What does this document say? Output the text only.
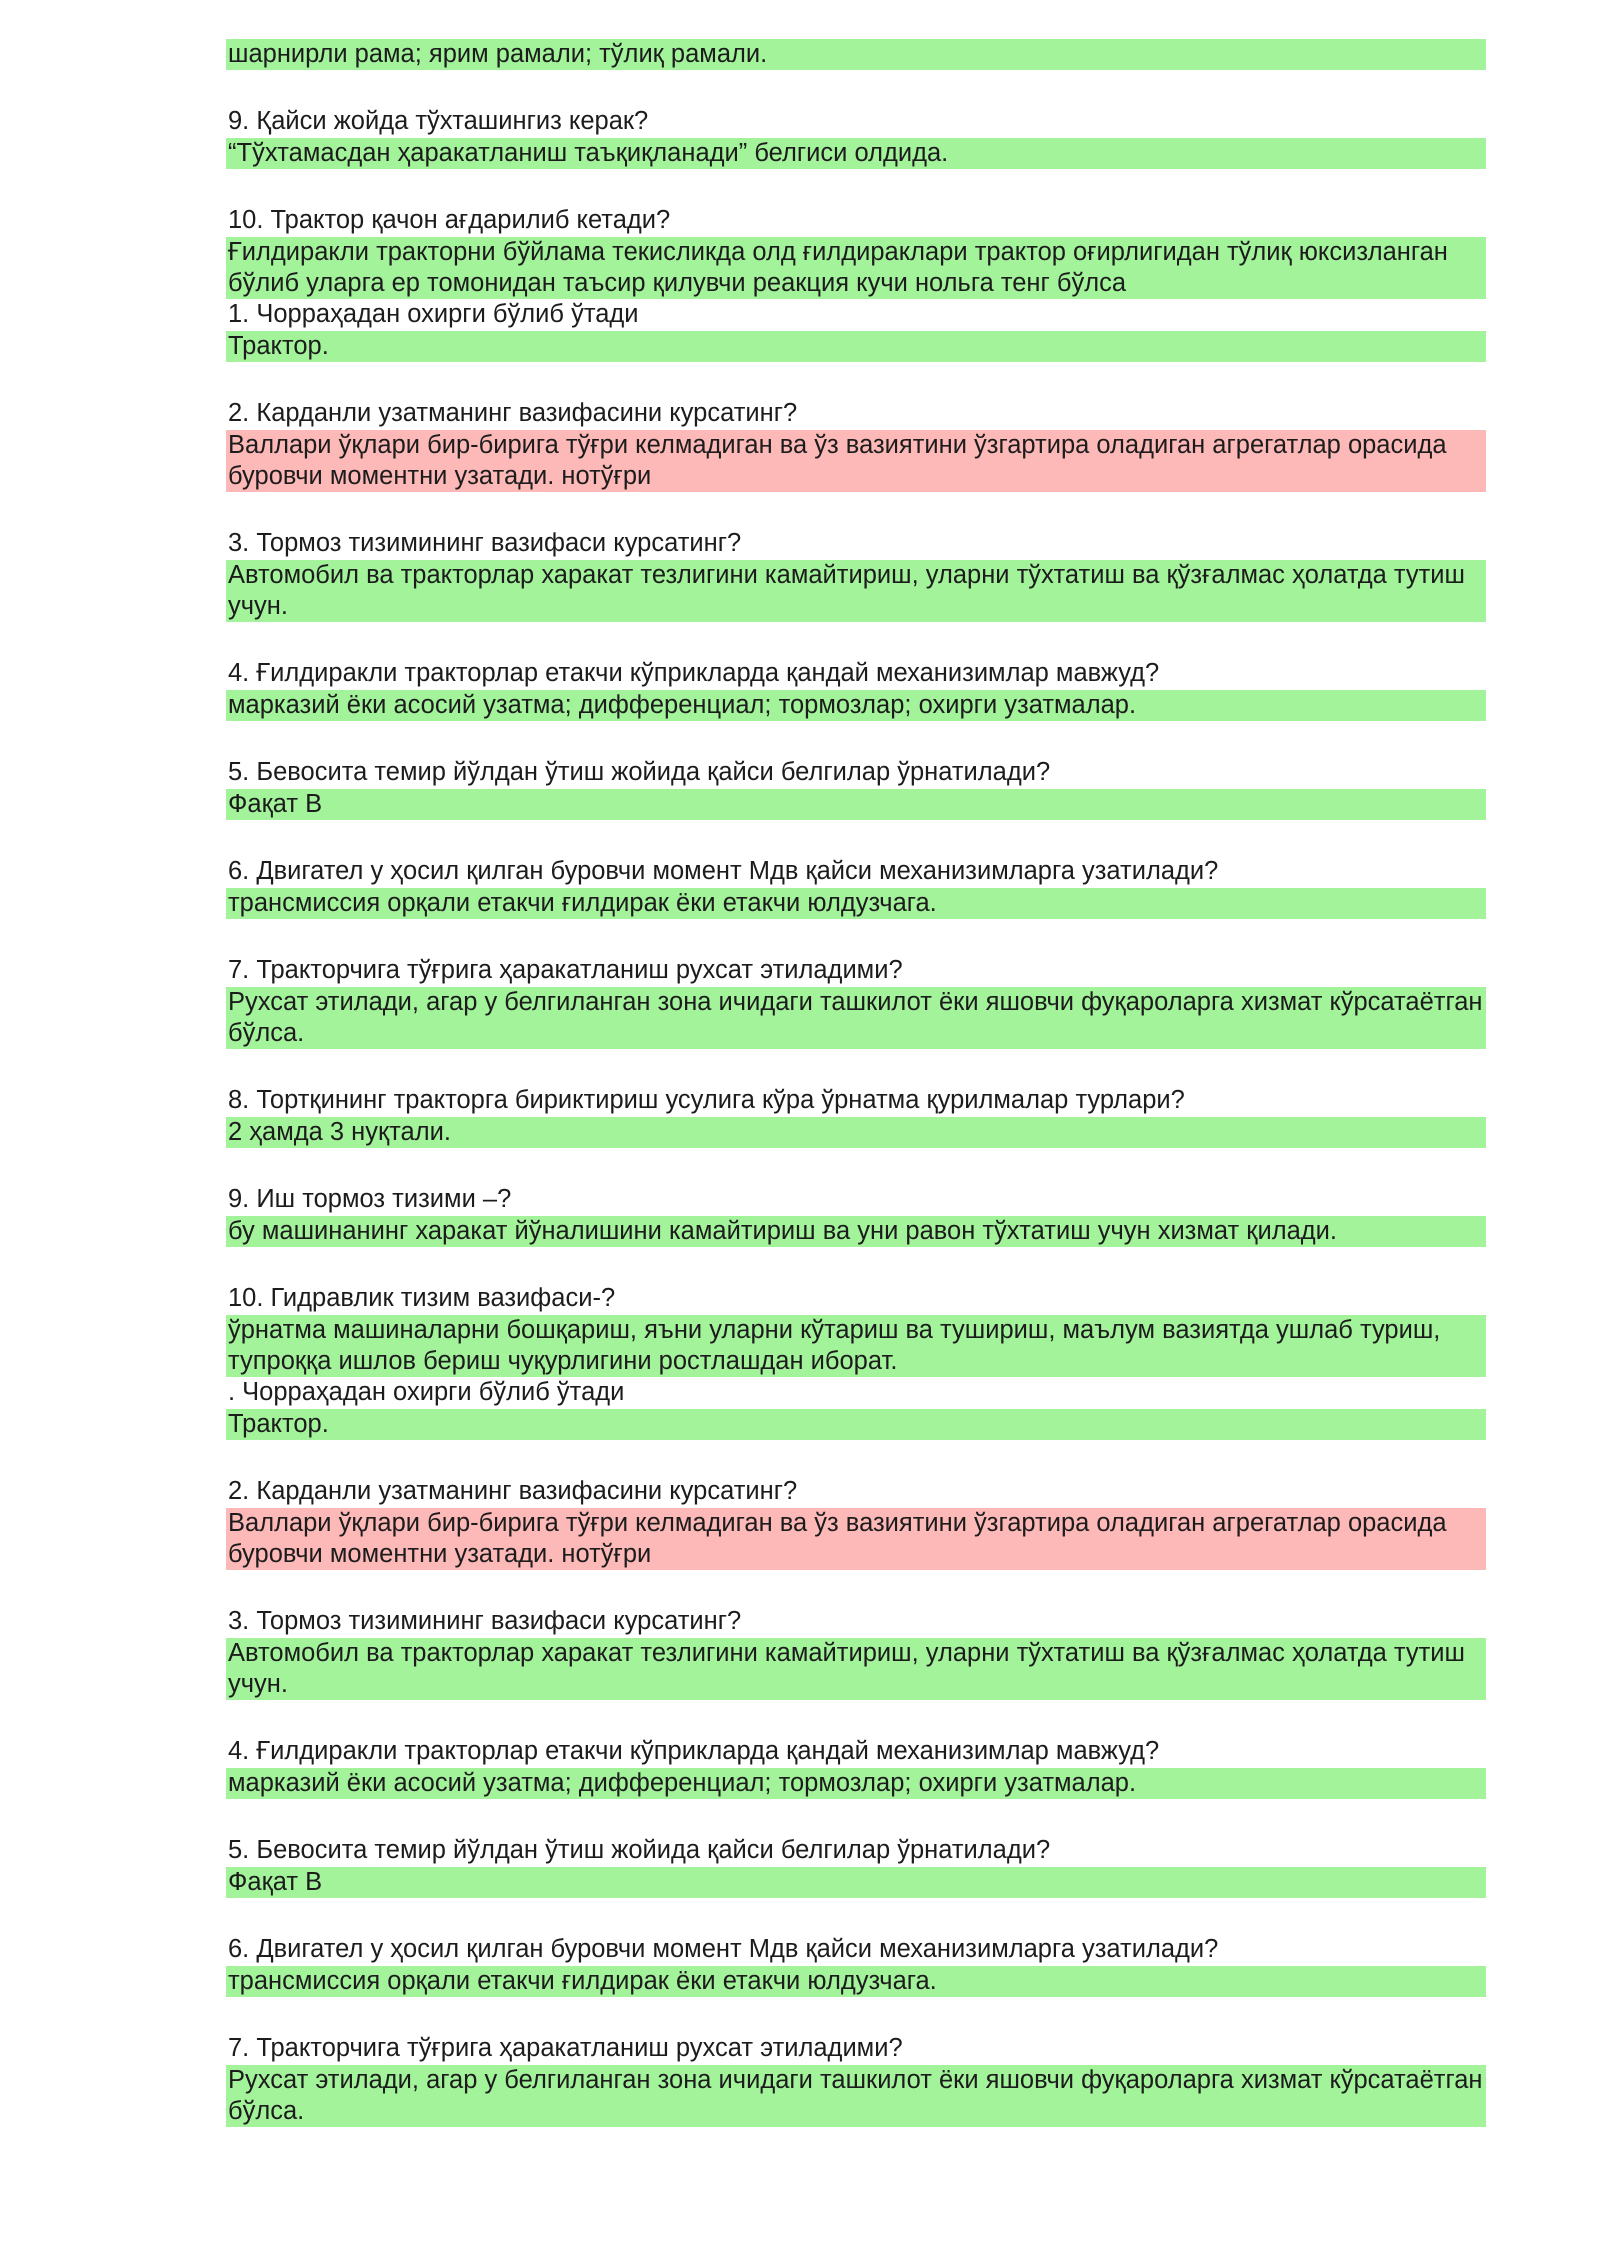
шарнирли рама; ярим рамали; тўлиқ рамали.
9. Қайси жойда тўхташингиз керак?
“Тўхтамасдан ҳаракатланиш таъқиқланади” белгиси олдида.
10. Трактор қачон ағдарилиб кетади?
Ғилдиракли тракторни бўйлама текисликда олд ғилдираклари трактор оғирлигидан тўлиқ юксизланган бўлиб уларга ер томонидан таъсир қилувчи реакция кучи нольга тенг бўлса
1. Чорраҳадан охирги бўлиб ўтади
Трактор.
2. Карданли узатманинг вазифасини курсатинг?
Валлари ўқлари бир-бирига тўғри келмадиган ва ўз вазиятини ўзгартира оладиган агрегатлар орасида буровчи моментни узатади. нотўғри
3. Тормоз тизимининг вазифаси курсатинг?
Автомобил ва тракторлар харакат тезлигини камайтириш, уларни тўхтатиш ва қўзғалмас ҳолатда тутиш учун.
4. Ғилдиракли тракторлар етакчи кўприкларда қандай механизимлар мавжуд?
марказий ёки асосий узатма; дифференциал; тормозлар; охирги узатмалар.
5. Бевосита темир йўлдан ўтиш жойида қайси белгилар ўрнатилади?
Фақат В
6. Двигател у ҳосил қилган буровчи момент Мдв қайси механизимларга узатилади?
трансмиссия орқали етакчи ғилдирак ёки етакчи юлдузчага.
7. Тракторчига тўғрига ҳаракатланиш рухсат этиладими?
Рухсат этилади, агар у белгиланган зона ичидаги ташкилот ёки яшовчи фуқароларга хизмат кўрсатаётган бўлса.
8. Тортқининг тракторга бириктириш усулига кўра ўрнатма қурилмалар турлари?
2 ҳамда 3 нуқтали.
9. Иш тормоз тизими –?
бу машинанинг харакат йўналишини камайтириш ва уни равон тўхтатиш учун хизмат қилади.
10. Гидравлик тизим вазифаси-?
ўрнатма машиналарни бошқариш, яъни уларни кўтариш ва тушириш, маълум вазиятда ушлаб туриш, тупроққа ишлов бериш чуқурлигини ростлашдан иборат.
. Чорраҳадан охирги бўлиб ўтади
Трактор.
2. Карданли узатманинг вазифасини курсатинг?
Валлари ўқлари бир-бирига тўғри келмадиган ва ўз вазиятини ўзгартира оладиган агрегатлар орасида буровчи моментни узатади. нотўғри
3. Тормоз тизимининг вазифаси курсатинг?
Автомобил ва тракторлар харакат тезлигини камайтириш, уларни тўхтатиш ва қўзғалмас ҳолатда тутиш учун.
4. Ғилдиракли тракторлар етакчи кўприкларда қандай механизимлар мавжуд?
марказий ёки асосий узатма; дифференциал; тормозлар; охирги узатмалар.
5. Бевосита темир йўлдан ўтиш жойида қайси белгилар ўрнатилади?
Фақат В
6. Двигател у ҳосил қилган буровчи момент Мдв қайси механизимларга узатилади?
трансмиссия орқали етакчи ғилдирак ёки етакчи юлдузчага.
7. Тракторчига тўғрига ҳаракатланиш рухсат этиладими?
Рухсат этилади, агар у белгиланган зона ичидаги ташкилот ёки яшовчи фуқароларга хизмат кўрсатаётган бўлса.
